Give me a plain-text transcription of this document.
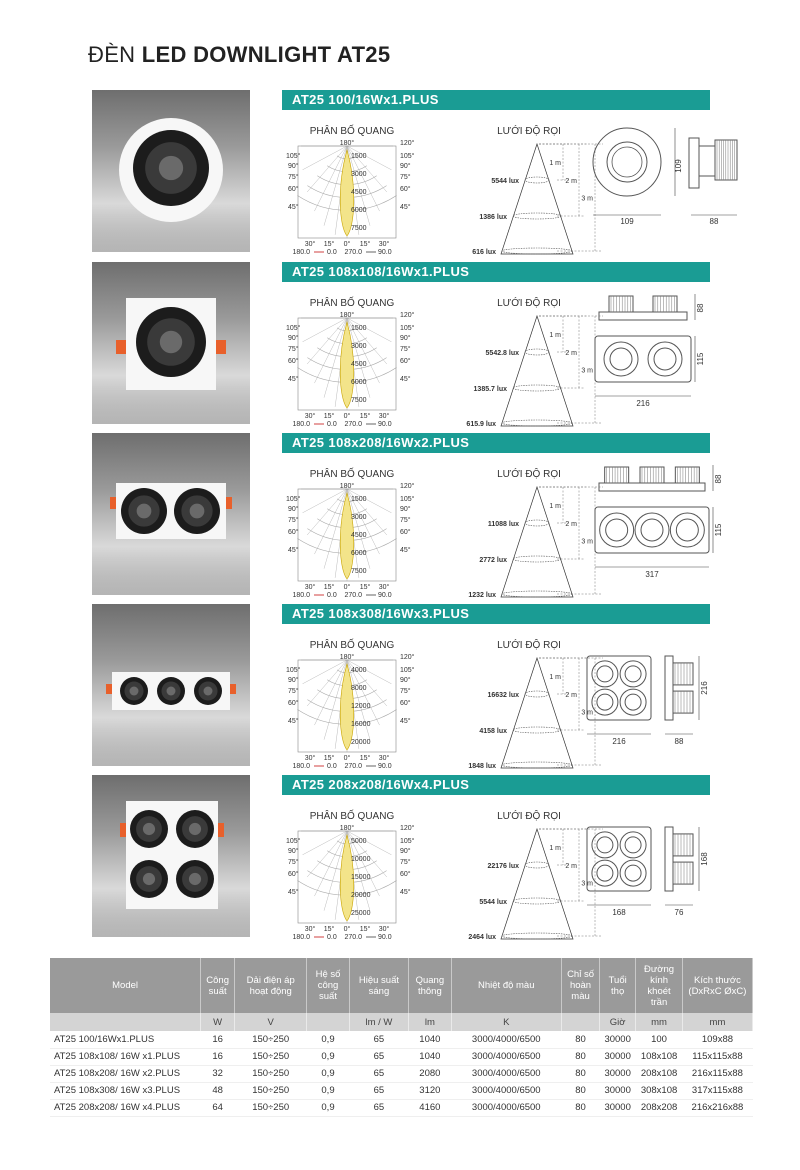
ĐÈN LED DOWNLIGHT AT25
AT25 100/16Wx1.PLUS
PHÂN BỐ QUANG	LƯỚI ĐỘ RỌI
180°
105°
90°
75°
60°
45°
120°
105°
90°
75°
60°
45°
1500
3000
4500
6000
7500
30° 15° 0° 15° 30°
180.0 0.0 270.0 90.0
5544 lux
1386 lux
616 lux
1 m
2 m
3 m
109
109
88
AT25 108x108/16Wx1.PLUS
PHÂN BỐ QUANG	LƯỚI ĐỘ RỌI
180°
105°
90°
75°
60°
45°
120°
105°
90°
75°
60°
45°
1500
3000
4500
6000
7500
30° 15° 0° 15° 30°
180.0 0.0 270.0 90.0
5542.8 lux
1385.7 lux
615.9 lux
1 m
2 m
3 m
88
115
216
AT25 108x208/16Wx2.PLUS
PHÂN BỐ QUANG	LƯỚI ĐỘ RỌI
180°
105°
90°
75°
60°
45°
120°
105°
90°
75°
60°
45°
1500
3000
4500
6000
7500
30° 15° 0° 15° 30°
180.0 0.0 270.0 90.0
11088 lux
2772 lux
1232 lux
1 m
2 m
3 m
88
115
317
AT25 108x308/16Wx3.PLUS
PHÂN BỐ QUANG	LƯỚI ĐỘ RỌI
180°
105°
90°
75°
60°
45°
120°
105°
90°
75°
60°
45°
4000
8000
12000
16000
20000
30° 15° 0° 15° 30°
180.0 0.0 270.0 90.0
16632 lux
4158 lux
1848 lux
1 m
2 m
3 m
216
216
88
AT25 208x208/16Wx4.PLUS
PHÂN BỐ QUANG	LƯỚI ĐỘ RỌI
180°
105°
90°
75°
60°
45°
120°
105°
90°
75°
60°
45°
5000
10000
15000
20000
25000
30° 15° 0° 15° 30°
180.0 0.0 270.0 90.0
22176 lux
5544 lux
2464 lux
1 m
2 m
3 m
168
168
76
Model	Công suất	Dải điện áp hoạt động	Hệ số công suất	Hiệu suất sáng	Quang thông	Nhiệt độ màu	Chỉ số hoàn màu	Tuổi thọ	Đường kính khoét trần	Kích thước (DxRxC ØxC)
	W	V		lm / W	lm	K		Giờ	mm	mm
AT25 100/16Wx1.PLUS	16	150÷250	0,9	65	1040	3000/4000/6500	80	30000	100	109x88
AT25 108x108/ 16W x1.PLUS	16	150÷250	0,9	65	1040	3000/4000/6500	80	30000	108x108	115x115x88
AT25 108x208/ 16W x2.PLUS	32	150÷250	0,9	65	2080	3000/4000/6500	80	30000	208x108	216x115x88
AT25 108x308/ 16W x3.PLUS	48	150÷250	0,9	65	3120	3000/4000/6500	80	30000	308x108	317x115x88
AT25 208x208/ 16W x4.PLUS	64	150÷250	0,9	65	4160	3000/4000/6500	80	30000	208x208	216x216x88
